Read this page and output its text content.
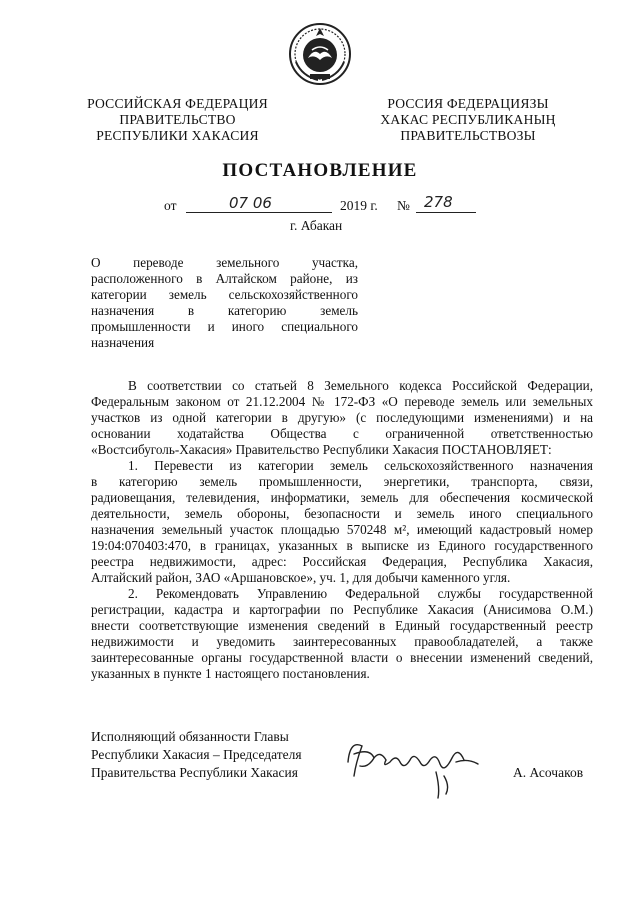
РОССИЙСКАЯ ФЕДЕРАЦИЯ
ПРАВИТЕЛЬСТВО
РЕСПУБЛИКИ ХАКАСИЯ
РОССИЯ ФЕДЕРАЦИЯЗЫ
ХАКАС РЕСПУБЛИКАНЫҢ
ПРАВИТЕЛЬСТВОЗЫ
ПОСТАНОВЛЕНИЕ
от	07 06	2019 г. № 278
г. Абакан
О переводе земельного участка,
расположенного в Алтайском районе, из
категории земель сельскохозяйственного
назначения в категорию земель
промышленности и иного специального
назначения

В соответствии со статьей 8 Земельного кодекса Российской Федерации,
Федеральным законом от 21.12.2004 № 172-ФЗ «О переводе земель или земельных
участков из одной категории в другую» (с последующими изменениями) и на
основании ходатайства Общества с ограниченной ответственностью
«Востсибуголь-Хакасия» Правительство Республики Хакасия ПОСТАНОВЛЯЕТ:

1. Перевести из категории земель сельскохозяйственного назначения
в категорию земель промышленности, энергетики, транспорта, связи,
радиовещания, телевидения, информатики, земель для обеспечения космической
деятельности, земель обороны, безопасности и земель иного специального
назначения земельный участок площадью 570248 м², имеющий кадастровый номер
19:04:070403:470, в границах, указанных в выписке из Единого государственного
реестра недвижимости, адрес: Российская Федерация, Республика Хакасия,
Алтайский район, ЗАО «Аршановское», уч. 1, для добычи каменного угля.

2. Рекомендовать Управлению Федеральной службы государственной
регистрации, кадастра и картографии по Республике Хакасия (Анисимова О.М.)
внести соответствующие изменения сведений в Единый государственный реестр
недвижимости и уведомить заинтересованных правообладателей, а также
заинтересованные органы государственной власти о внесении изменений сведений,
указанных в пункте 1 настоящего постановления.

Исполняющий обязанности Главы
Республики Хакасия – Председателя
Правительства Республики Хакасия	А. Асочаков
